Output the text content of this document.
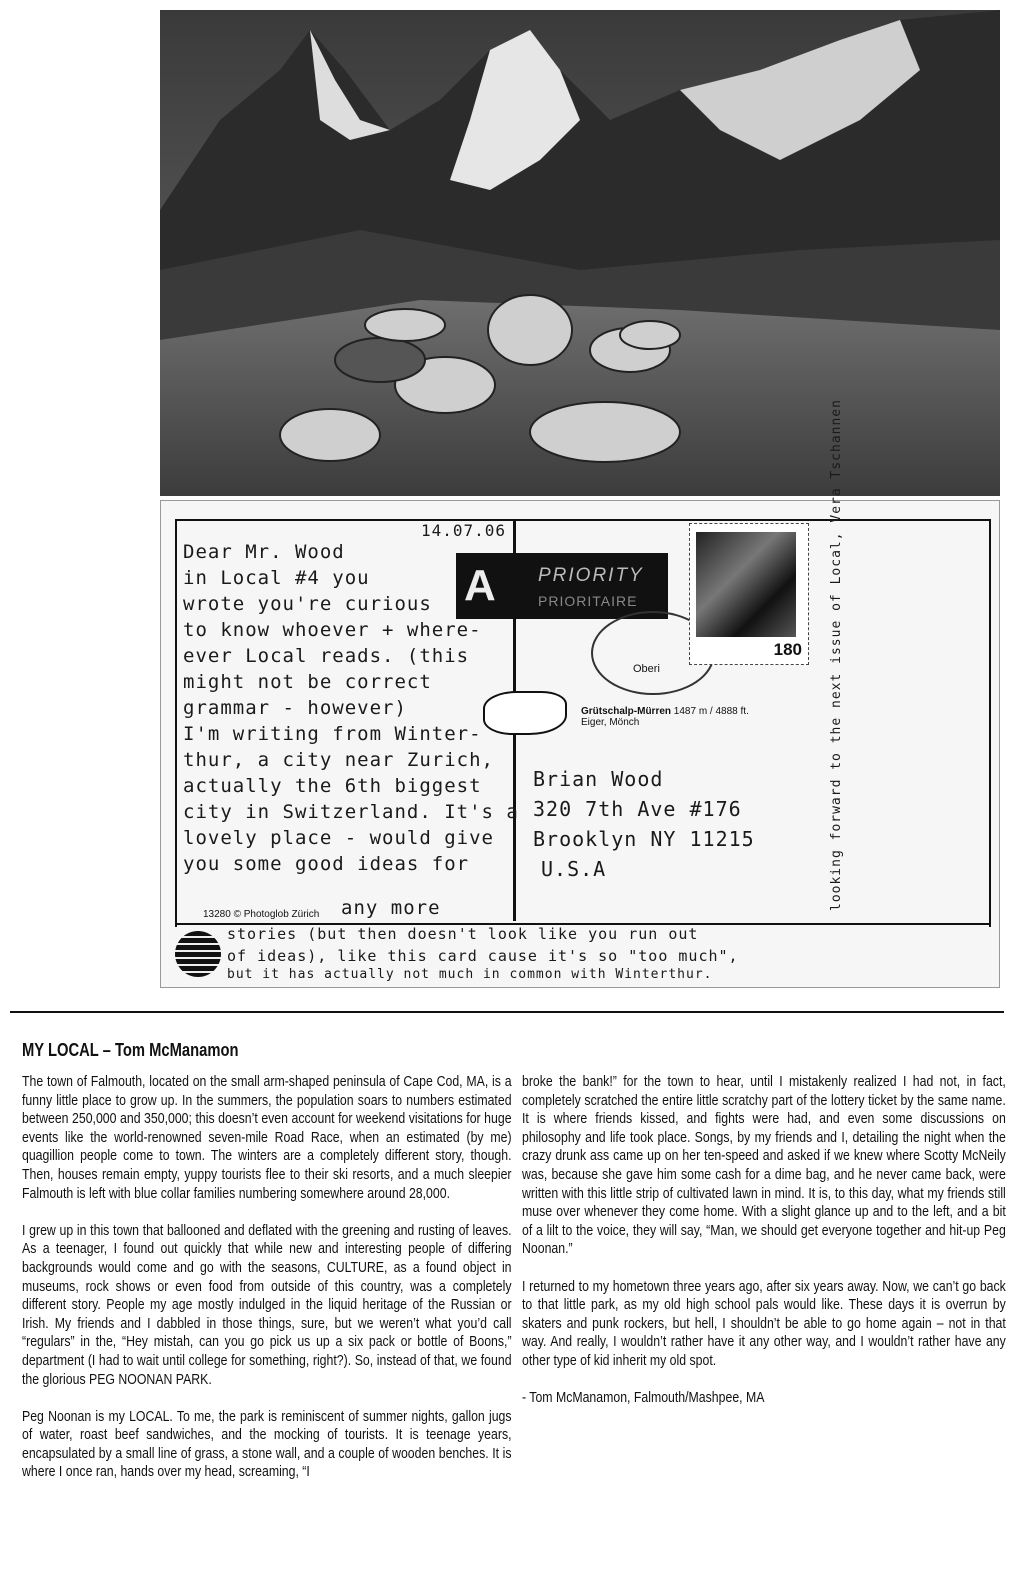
14.07.06
Dear Mr. Wood
in Local #4 you
wrote you're curious
to know whoever + where-
ever Local reads. (this
might not be correct
grammar - however)
I'm writing from Winter-
thur, a city near Zurich,
actually the 6th biggest
city in Switzerland. It's a
lovely place - would give
you some good ideas for
any more
stories (but then doesn't look like you run out
of ideas), like this card cause it's so "too much",
but it has actually not much in common with Winterthur.
Brian Wood
320 7th Ave #176
Brooklyn NY 11215
U.S.A	looking forward to the next issue of Local, Vera Tschannen
A PRIORITY
PRIORITAIRE
Oberi
180
Grütschalp-Mürren 1487 m / 4888 ft.
Eiger, Mönch
13280 © Photoglob Zürich
MY LOCAL – Tom McManamon

The town of Falmouth, located on the small arm-shaped peninsula of Cape Cod, MA, is a funny little place to grow up. In the summers, the population soars to numbers estimated between 250,000 and 350,000; this doesn’t even account for weekend visitations for huge events like the world-renowned seven-mile Road Race, when an estimated (by me) quagillion people come to town. The winters are a completely different story, though. Then, houses remain empty, yuppy tourists flee to their ski resorts, and a much sleepier Falmouth is left with blue collar families numbering somewhere around 28,000.

I grew up in this town that ballooned and deflated with the greening and rusting of leaves. As a teenager, I found out quickly that while new and interesting people of differing backgrounds would come and go with the seasons, CULTURE, as a found object in museums, rock shows or even food from outside of this country, was a completely different story. People my age mostly indulged in the liquid heritage of the Russian or Irish. My friends and I dabbled in those things, sure, but we weren’t what you’d call “regulars” in the, “Hey mistah, can you go pick us up a six pack or bottle of Boons,” department (I had to wait until college for something, right?). So, instead of that, we found the glorious PEG NOONAN PARK.

Peg Noonan is my LOCAL. To me, the park is reminiscent of summer nights, gallon jugs of water, roast beef sandwiches, and the mocking of tourists. It is teenage years, encapsulated by a small line of grass, a stone wall, and a couple of wooden benches. It is where I once ran, hands over my head, screaming, “I

broke the bank!” for the town to hear, until I mistakenly realized I had not, in fact, completely scratched the entire little scratchy part of the lottery ticket by the same name. It is where friends kissed, and fights were had, and even some discussions on philosophy and life took place. Songs, by my friends and I, detailing the night when the crazy drunk ass came up on her ten-speed and asked if we knew where Scotty McNeily was, because she gave him some cash for a dime bag, and he never came back, were written with this little strip of cultivated lawn in mind. It is, to this day, what my friends still muse over whenever they come home. With a slight glance up and to the left, and a bit of a lilt to the voice, they will say, “Man, we should get everyone together and hit-up Peg Noonan.”

I returned to my hometown three years ago, after six years away. Now, we can’t go back to that little park, as my old high school pals would like. These days it is overrun by skaters and punk rockers, but hell, I shouldn’t be able to go home again – not in that way. And really, I wouldn’t rather have it any other way, and I wouldn’t rather have any other type of kid inherit my old spot.

- Tom McManamon, Falmouth/Mashpee, MA
